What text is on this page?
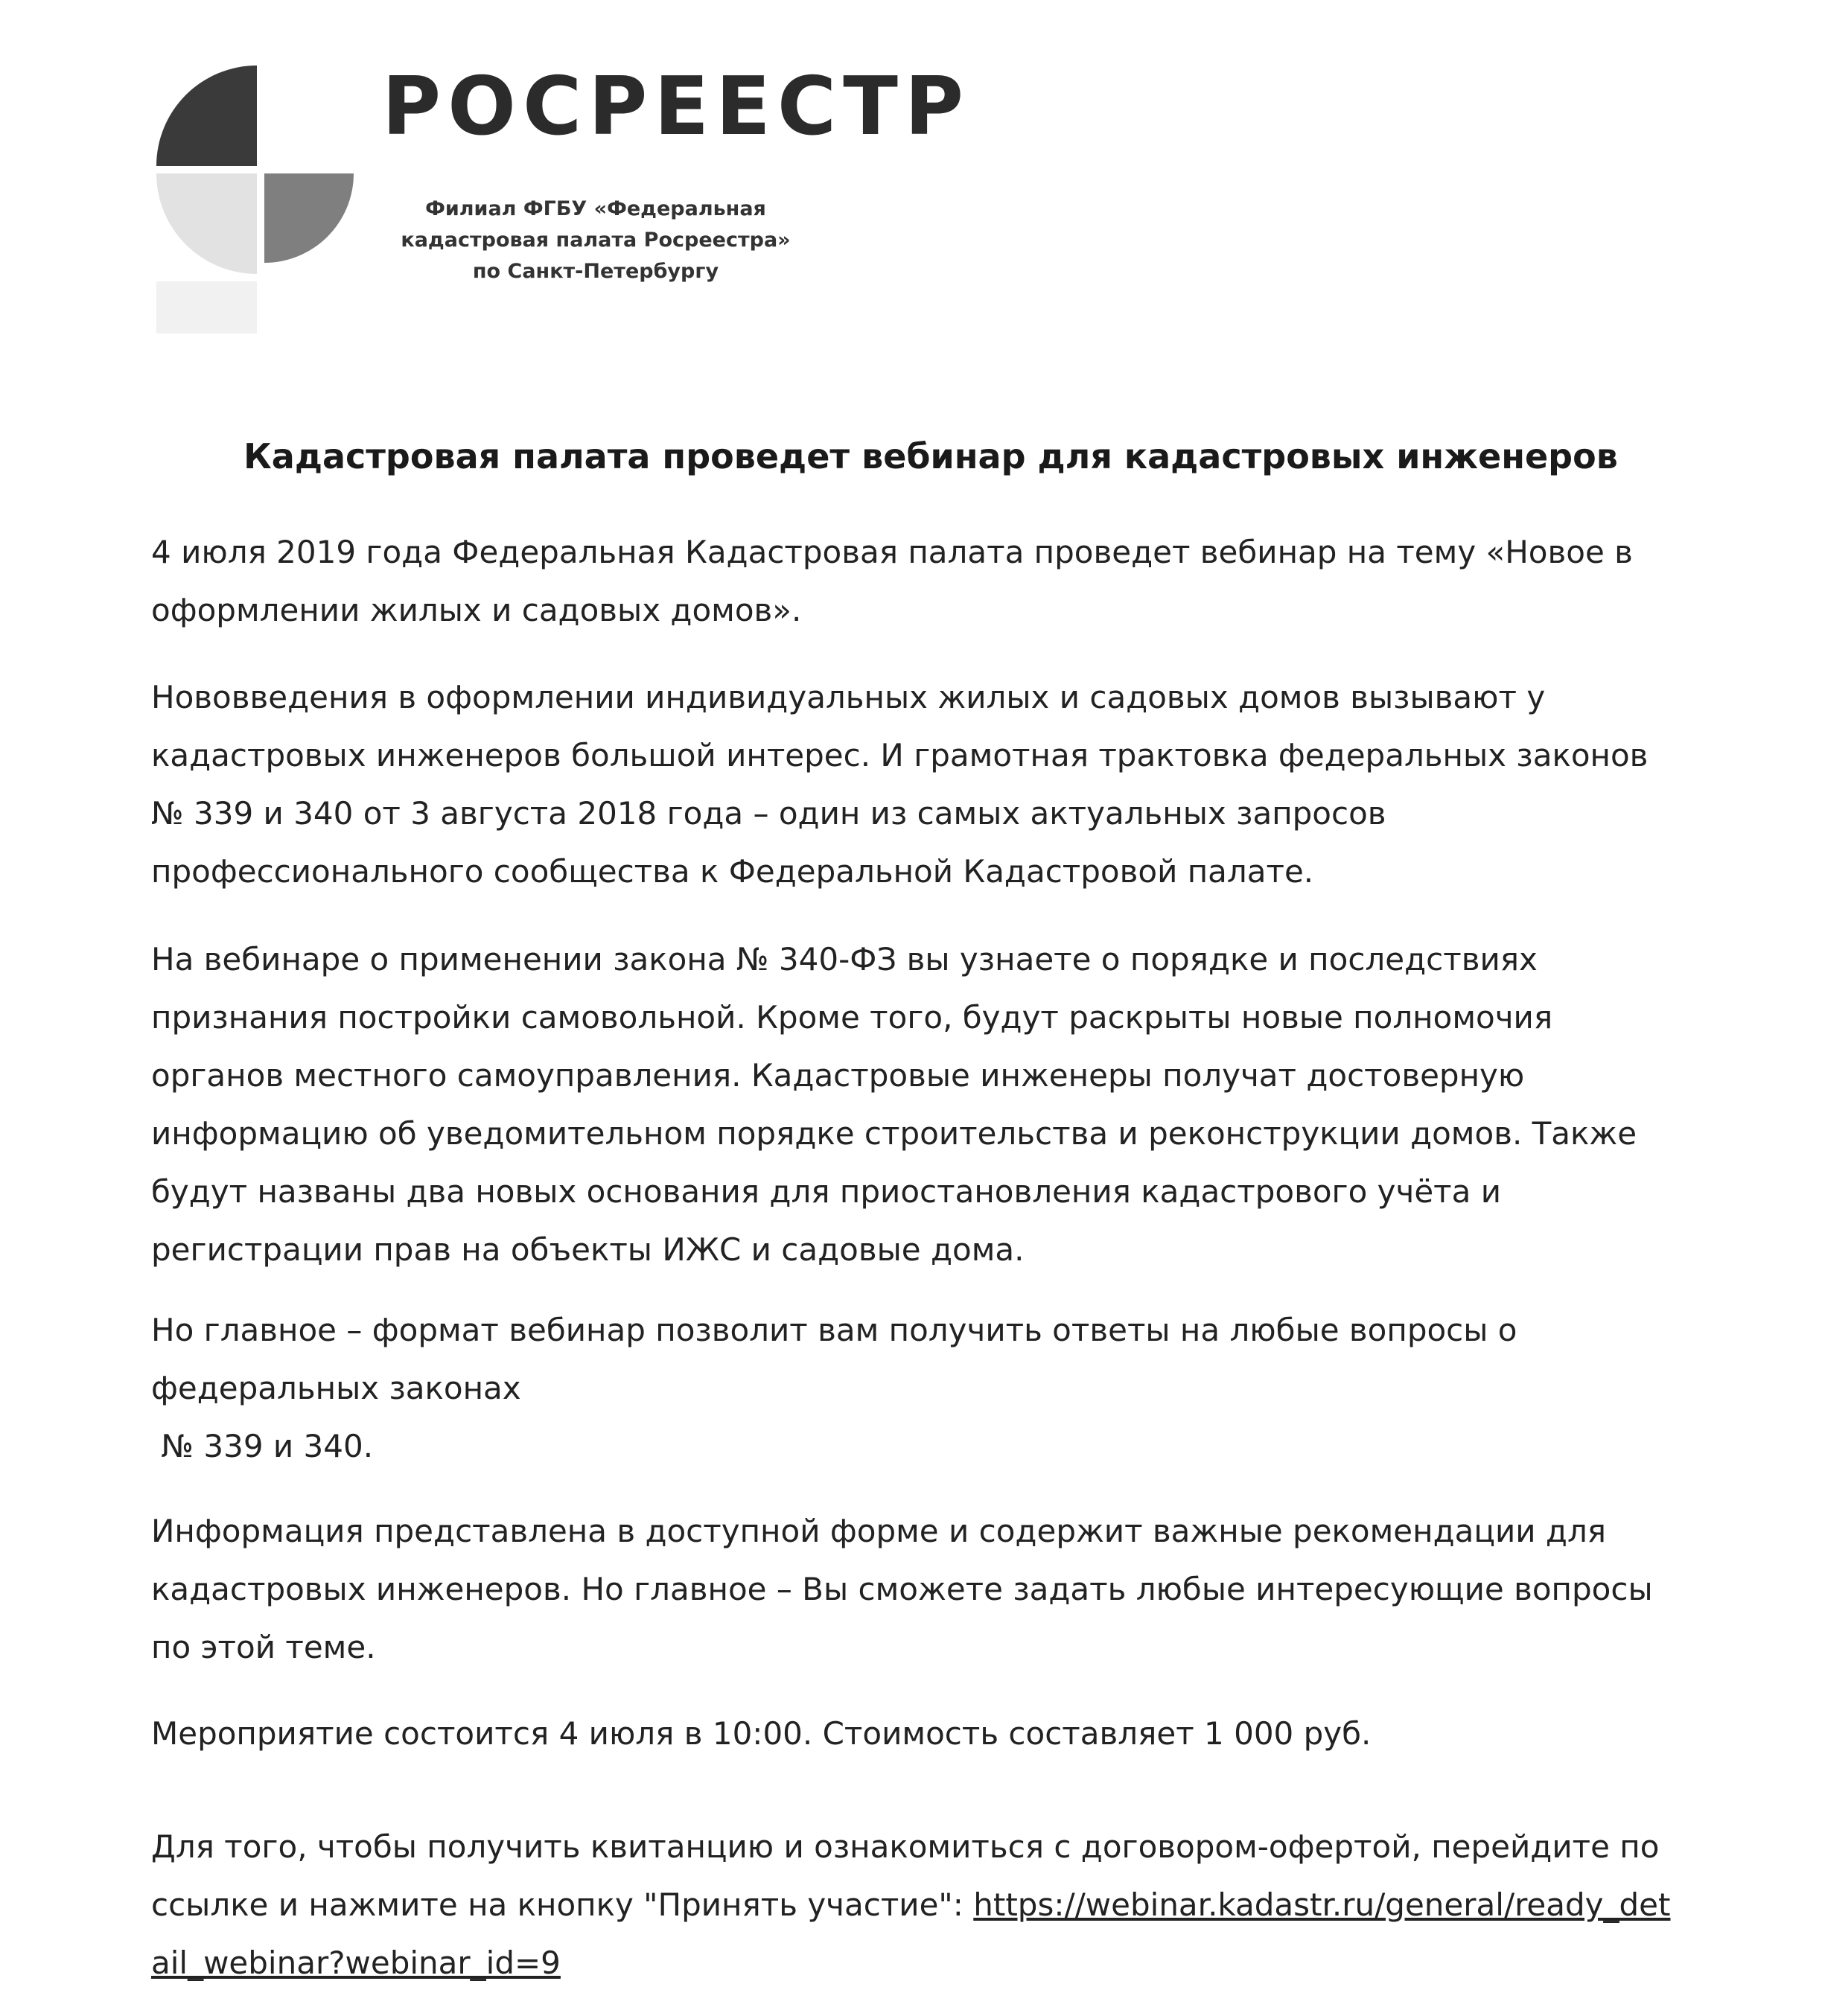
РОСРЕЕСТР
Филиал ФГБУ «Федеральная
кадастровая палата Росреестра»
по Санкт-Петербургу
Кадастровая палата проведет вебинар для кадастровых инженеров
4 июля 2019 года Федеральная Кадастровая палата проведет вебинар на тему «Новое в
оформлении жилых и садовых домов».
Нововведения в оформлении индивидуальных жилых и садовых домов вызывают у
кадастровых инженеров большой интерес. И грамотная трактовка федеральных законов
№ 339 и 340 от 3 августа 2018 года – один из самых актуальных запросов
профессионального сообщества к Федеральной Кадастровой палате.
На вебинаре о применении закона № 340-ФЗ вы узнаете о порядке и последствиях
признания постройки самовольной. Кроме того, будут раскрыты новые полномочия
органов местного самоуправления. Кадастровые инженеры получат достоверную
информацию об уведомительном порядке строительства и реконструкции домов. Также
будут названы два новых основания для приостановления кадастрового учёта и
регистрации прав на объекты ИЖС и садовые дома.
Но главное – формат вебинар позволит вам получить ответы на любые вопросы о
федеральных законах
№ 339 и 340.
Информация представлена в доступной форме и содержит важные рекомендации для
кадастровых инженеров. Но главное – Вы сможете задать любые интересующие вопросы
по этой теме.
Мероприятие состоится 4 июля в 10:00. Стоимость составляет 1 000 руб.
Для того, чтобы получить квитанцию и ознакомиться с договором-офертой, перейдите по
ссылке и нажмите на кнопку "Принять участие": https://webinar.kadastr.ru/general/ready_det
ail_webinar?webinar_id=9
